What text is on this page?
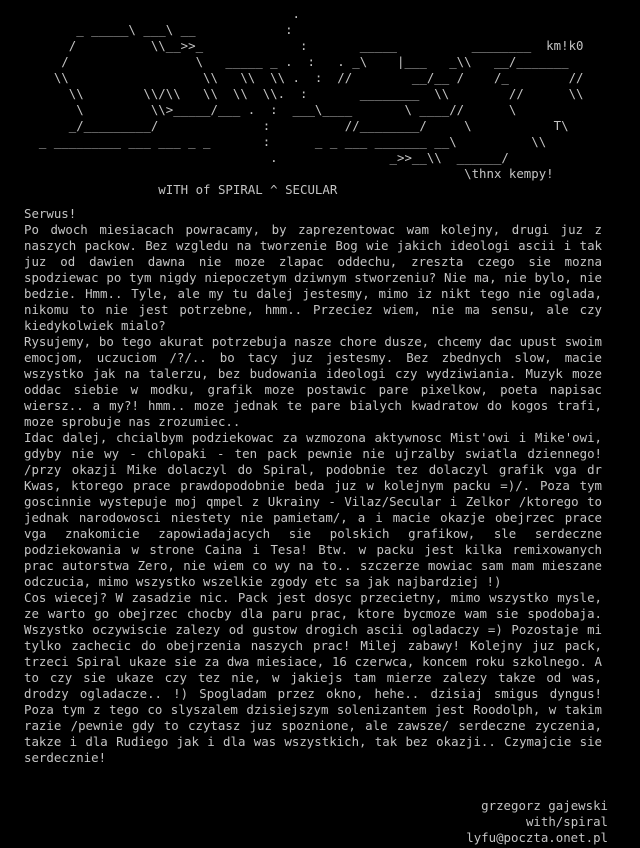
.
_ _____\ ___\ __            :
/          \\__>>_             :       _____          ________  km!k0
/                 \   _____ _ .  :   . _\    |___   _\\   __/_______
\\                  \\   \\  \\ .  :  //        __/__ /    /_        //
\\        \\/\\   \\  \\  \\.  :       ________  \\        //      \\
\         \\>_____/___ .  :  ___\____       \ ____//      \
_/_________/              :          //________/     \           T\
_ _________ ___ ___ _ _       :      _ _ ___ _______ __\          \\
.               _>>__\\  ______/
\thnx kempy!
wITH of SPIRAL ^ SECULAR

Serwus!

Po dwoch miesiacach powracamy, by zaprezentowac wam kolejny, drugi juz z naszych packow. Bez wzgledu na tworzenie Bog wie jakich ideologi ascii i tak juz od dawien dawna nie moze zlapac oddechu, zreszta czego sie mozna spodziewac po tym nigdy niepoczetym dziwnym stworzeniu? Nie ma, nie bylo, nie bedzie. Hmm.. Tyle, ale my tu dalej jestesmy, mimo iz nikt tego nie oglada, nikomu to nie jest potrzebne, hmm.. Przeciez wiem, nie ma sensu, ale czy kiedykolwiek mialo?

Rysujemy, bo tego akurat potrzebuja nasze chore dusze, chcemy dac upust swoim emocjom, uczuciom /?/.. bo tacy juz jestesmy. Bez zbednych slow, macie wszystko jak na talerzu, bez budowania ideologi czy wydziwiania. Muzyk moze oddac siebie w modku, grafik moze postawic pare pixelkow, poeta napisac wiersz.. a my?! hmm.. moze jednak te pare bialych kwadratow do kogos trafi, moze sprobuje nas zrozumiec..

Idac dalej, chcialbym podziekowac za wzmozona aktywnosc Mist'owi i Mike'owi, gdyby nie wy - chlopaki - ten pack pewnie nie ujrzalby swiatla dziennego! /przy okazji Mike dolaczyl do Spiral, podobnie tez dolaczyl grafik vga dr Kwas, ktorego prace prawdopodobnie beda juz w kolejnym packu =)/. Poza tym goscinnie wystepuje moj qmpel z Ukrainy - Vilaz/Secular i Zelkor /ktorego to jednak narodowosci niestety nie pamietam/, a i macie okazje obejrzec prace vga znakomicie zapowiadajacych sie polskich grafikow, sle serdeczne podziekowania w strone Caina i Tesa! Btw. w packu jest kilka remixowanych prac autorstwa Zero, nie wiem co wy na to.. szczerze mowiac sam mam mieszane odczucia, mimo wszystko wszelkie zgody etc sa jak najbardziej !)

Cos wiecej? W zasadzie nic. Pack jest dosyc przecietny, mimo wszystko mysle, ze warto go obejrzec chocby dla paru prac, ktore bycmoze wam sie spodobaja. Wszystko oczywiscie zalezy od gustow drogich ascii ogladaczy =) Pozostaje mi tylko zachecic do obejrzenia naszych prac! Milej zabawy! Kolejny juz pack, trzeci Spiral ukaze sie za dwa miesiace, 16 czerwca, koncem roku szkolnego. A to czy sie ukaze czy tez nie, w jakiejs tam mierze zalezy takze od was, drodzy ogladacze.. !) Spogladam przez okno, hehe.. dzisiaj smigus dyngus! Poza tym z tego co slyszalem dzisiejszym solenizantem jest Roodolph, w takim razie /pewnie gdy to czytasz juz spoznione, ale zawsze/ serdeczne zyczenia, takze i dla Rudiego jak i dla was wszystkich, tak bez okazji.. Czymajcie sie serdecznie!

grzegorz gajewski
with/spiral
lyfu@poczta.onet.pl
